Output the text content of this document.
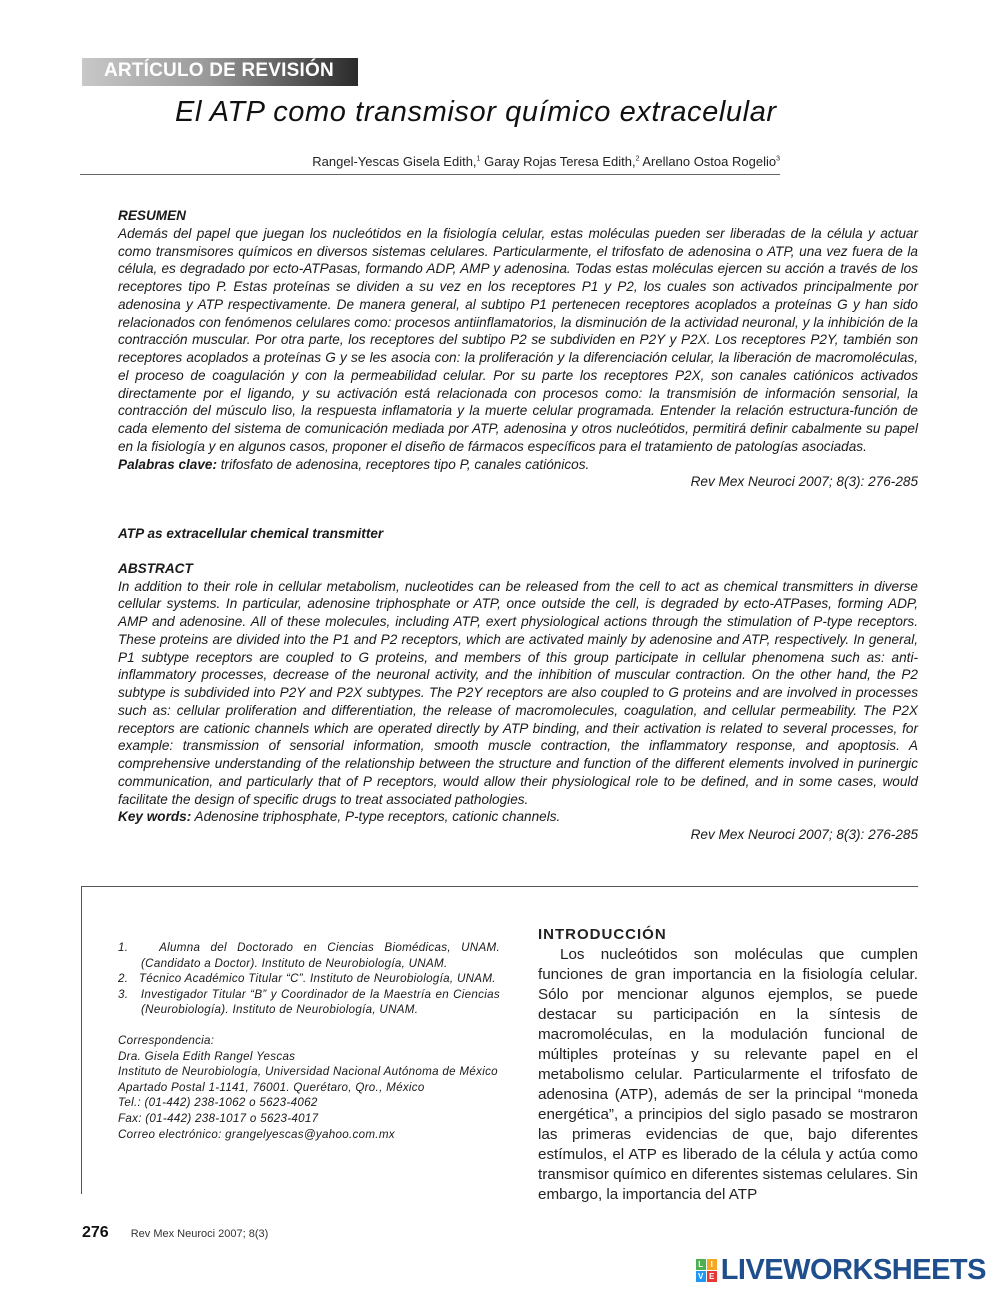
ARTÍCULO DE REVISIÓN
El ATP como transmisor químico extracelular
Rangel-Yescas Gisela Edith,$^1$ Garay Rojas Teresa Edith,$^2$ Arellano Ostoa Rogelio$^3$
RESUMEN
Además del papel que juegan los nucleótidos en la fisiología celular, estas moléculas pueden ser liberadas de la célula y actuar como transmisores químicos en diversos sistemas celulares. Particularmente, el trifosfato de adenosina o ATP, una vez fuera de la célula, es degradado por ecto-ATPasas, formando ADP, AMP y adenosina. Todas estas moléculas ejercen su acción a través de los receptores tipo P. Estas proteínas se dividen a su vez en los receptores P1 y P2, los cuales son activados principalmente por adenosina y ATP respectivamente. De manera general, al subtipo P1 pertenecen receptores acoplados a proteínas G y han sido relacionados con fenómenos celulares como: procesos antiinflamatorios, la disminución de la actividad neuronal, y la inhibición de la contracción muscular. Por otra parte, los receptores del subtipo P2 se subdividen en P2Y y P2X. Los receptores P2Y, también son receptores acoplados a proteínas G y se les asocia con: la proliferación y la diferenciación celular, la liberación de macromoléculas, el proceso de coagulación y con la permeabilidad celular. Por su parte los receptores P2X, son canales catiónicos activados directamente por el ligando, y su activación está relacionada con procesos como: la transmisión de información sensorial, la contracción del músculo liso, la respuesta inflamatoria y la muerte celular programada. Entender la relación estructura-función de cada elemento del sistema de comunicación mediada por ATP, adenosina y otros nucleótidos, permitirá definir cabalmente su papel en la fisiología y en algunos casos, proponer el diseño de fármacos específicos para el tratamiento de patologías asociadas.
Palabras clave: trifosfato de adenosina, receptores tipo P, canales catiónicos.
Rev Mex Neuroci 2007; 8(3): 276-285
ATP as extracellular chemical transmitter
ABSTRACT
In addition to their role in cellular metabolism, nucleotides can be released from the cell to act as chemical transmitters in diverse cellular systems. In particular, adenosine triphosphate or ATP, once outside the cell, is degraded by ecto-ATPases, forming ADP, AMP and adenosine. All of these molecules, including ATP, exert physiological actions through the stimulation of P-type receptors. These proteins are divided into the P1 and P2 receptors, which are activated mainly by adenosine and ATP, respectively. In general, P1 subtype receptors are coupled to G proteins, and members of this group participate in cellular phenomena such as: anti-inflammatory processes, decrease of the neuronal activity, and the inhibition of muscular contraction. On the other hand, the P2 subtype is subdivided into P2Y and P2X subtypes. The P2Y receptors are also coupled to G proteins and are involved in processes such as: cellular proliferation and differentiation, the release of macromolecules, coagulation, and cellular permeability. The P2X receptors are cationic channels which are operated directly by ATP binding, and their activation is related to several processes, for example: transmission of sensorial information, smooth muscle contraction, the inflammatory response, and apoptosis. A comprehensive understanding of the relationship between the structure and function of the different elements involved in purinergic communication, and particularly that of P receptors, would allow their physiological role to be defined, and in some cases, would facilitate the design of specific drugs to treat associated pathologies.
Key words: Adenosine triphosphate, P-type receptors, cationic channels.
Rev Mex Neuroci 2007; 8(3): 276-285
1.	Alumna del Doctorado en Ciencias Biomédicas, UNAM. (Candidato a Doctor). Instituto de Neurobiología, UNAM.
2. Técnico Académico Titular “C”. Instituto de Neurobiología, UNAM.
3. Investigador Titular “B” y Coordinador de la Maestría en Ciencias (Neurobiología). Instituto de Neurobiología, UNAM.
Correspondencia:
Dra. Gisela Edith Rangel Yescas
Instituto de Neurobiología, Universidad Nacional Autónoma de México
Apartado Postal 1-1141, 76001. Querétaro, Qro., México
Tel.: (01-442) 238-1062 o 5623-4062
Fax: (01-442) 238-1017 o 5623-4017
Correo electrónico: grangelyescas@yahoo.com.mx
INTRODUCCIÓN

Los nucleótidos son moléculas que cumplen funciones de gran importancia en la fisiología celular. Sólo por mencionar algunos ejemplos, se puede destacar su participación en la síntesis de macromoléculas, en la modulación funcional de múltiples proteínas y su relevante papel en el metabolismo celular. Particularmente el trifosfato de adenosina (ATP), además de ser la principal “moneda energética”, a principios del siglo pasado se mostraron las primeras evidencias de que, bajo diferentes estímulos, el ATP es liberado de la célula y actúa como transmisor químico en diferentes sistemas celulares. Sin embargo, la importancia del ATP

276 Rev Mex Neuroci 2007; 8(3)
L I
V E LIVEWORKSHEETS
